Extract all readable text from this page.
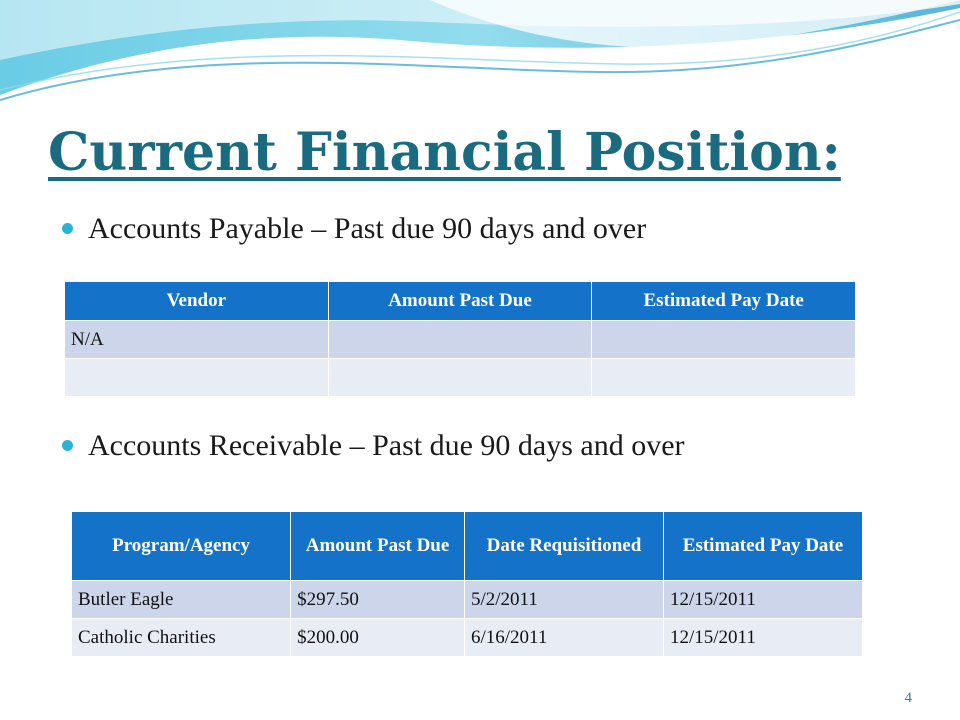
Current Financial Position:
Accounts Payable – Past due 90 days and over
Vendor	Amount Past Due	Estimated Pay Date
N/A		

Accounts Receivable – Past due 90 days and over
Program/Agency	Amount Past Due	Date Requisitioned	Estimated Pay Date
Butler Eagle	$297.50	5/2/2011	12/15/2011
Catholic Charities	$200.00	6/16/2011	12/15/2011
4
